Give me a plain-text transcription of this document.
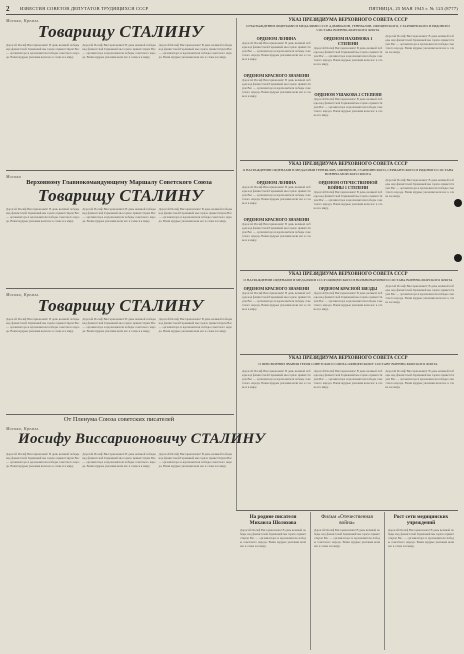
2 ИЗВЕСТИЯ СОВЕТОВ ДЕПУТАТОВ ТРУДЯЩИХСЯ СССР	ПЯТНИЦА, 25 МАЯ 1945 г. № 123 (8777)
Москва, Кремль
Товарищу СТАЛИНУ
Дорогой Иосиф Виссарионович! В день великой победы над фашистской Германией мы горячо приветствуем Вас — организатора и вдохновителя победы советского народа. Ваши мудрые указания вели нас к славе и к миру.
Дорогой Иосиф Виссарионович! В день великой победы над фашистской Германией мы горячо приветствуем Вас — организатора и вдохновителя победы советского народа. Ваши мудрые указания вели нас к славе и к миру.
Дорогой Иосиф Виссарионович! В день великой победы над фашистской Германией мы горячо приветствуем Вас — организатора и вдохновителя победы советского народа. Ваши мудрые указания вели нас к славе и к миру.
Москва
Верховному Главнокомандующему Маршалу Советского Союза
Товарищу СТАЛИНУ
Дорогой Иосиф Виссарионович! В день великой победы над фашистской Германией мы горячо приветствуем Вас — организатора и вдохновителя победы советского народа. Ваши мудрые указания вели нас к славе и к миру.
Дорогой Иосиф Виссарионович! В день великой победы над фашистской Германией мы горячо приветствуем Вас — организатора и вдохновителя победы советского народа. Ваши мудрые указания вели нас к славе и к миру.
Дорогой Иосиф Виссарионович! В день великой победы над фашистской Германией мы горячо приветствуем Вас — организатора и вдохновителя победы советского народа. Ваши мудрые указания вели нас к славе и к миру.
Москва, Кремль
Товарищу СТАЛИНУ
Дорогой Иосиф Виссарионович! В день великой победы над фашистской Германией мы горячо приветствуем Вас — организатора и вдохновителя победы советского народа. Ваши мудрые указания вели нас к славе и к миру.
Дорогой Иосиф Виссарионович! В день великой победы над фашистской Германией мы горячо приветствуем Вас — организатора и вдохновителя победы советского народа. Ваши мудрые указания вели нас к славе и к миру.
Дорогой Иосиф Виссарионович! В день великой победы над фашистской Германией мы горячо приветствуем Вас — организатора и вдохновителя победы советского народа. Ваши мудрые указания вели нас к славе и к миру.
От Пленума Союза советских писателей
Москва, Кремль
Иосифу Виссарионовичу СТАЛИНУ
Дорогой Иосиф Виссарионович! В день великой победы над фашистской Германией мы горячо приветствуем Вас — организатора и вдохновителя победы советского народа. Ваши мудрые указания вели нас к славе и к миру.
Дорогой Иосиф Виссарионович! В день великой победы над фашистской Германией мы горячо приветствуем Вас — организатора и вдохновителя победы советского народа. Ваши мудрые указания вели нас к славе и к миру.
Дорогой Иосиф Виссарионович! В день великой победы над фашистской Германией мы горячо приветствуем Вас — организатора и вдохновителя победы советского народа. Ваши мудрые указания вели нас к славе и к миру.
УКАЗ ПРЕЗИДИУМА ВЕРХОВНОГО СОВЕТА СССР
О НАГРАЖДЕНИИ ОРДЕНАМИ И МЕДАЛЯМИ СССР АДМИРАЛОВ, ГЕНЕРАЛОВ, ОФИЦЕРСКОГО, СТАРШИНСКОГО И РЯДОВОГО СОСТАВА ВОЕННО-МОРСКОГО ФЛОТА
ОРДЕНОМ ЛЕНИНА
Дорогой Иосиф Виссарионович! В день великой победы над фашистской Германией мы горячо приветствуем Вас — организатора и вдохновителя победы советского народа. Ваши мудрые указания вели нас к славе и к миру.
ОРДЕНОМ КРАСНОГО ЗНАМЕНИ
Дорогой Иосиф Виссарионович! В день великой победы над фашистской Германией мы горячо приветствуем Вас — организатора и вдохновителя победы советского народа. Ваши мудрые указания вели нас к славе и к миру.
ОРДЕНОМ НАХИМОВА 1 СТЕПЕНИ
Дорогой Иосиф Виссарионович! В день великой победы над фашистской Германией мы горячо приветствуем Вас — организатора и вдохновителя победы советского народа. Ваши мудрые указания вели нас к славе и к миру.
ОРДЕНОМ УШАКОВА 2 СТЕПЕНИ
Дорогой Иосиф Виссарионович! В день великой победы над фашистской Германией мы горячо приветствуем Вас — организатора и вдохновителя победы советского народа. Ваши мудрые указания вели нас к славе и к миру.
Дорогой Иосиф Виссарионович! В день великой победы над фашистской Германией мы горячо приветствуем Вас — организатора и вдохновителя победы советского народа. Ваши мудрые указания вели нас к славе и к миру.
УКАЗ ПРЕЗИДИУМА ВЕРХОВНОГО СОВЕТА СССР
О НАГРАЖДЕНИИ ОРДЕНАМИ И МЕДАЛЯМИ ГЕНЕРАЛОВ, ОФИЦЕРОВ, СТАРШИНСКОГО, СЕРЖАНТСКОГО И РЯДОВОГО СОСТАВА ВОЕННО-МОРСКОГО ФЛОТА
ОРДЕНОМ ЛЕНИНА
Дорогой Иосиф Виссарионович! В день великой победы над фашистской Германией мы горячо приветствуем Вас — организатора и вдохновителя победы советского народа. Ваши мудрые указания вели нас к славе и к миру.
ОРДЕНОМ КРАСНОГО ЗНАМЕНИ
Дорогой Иосиф Виссарионович! В день великой победы над фашистской Германией мы горячо приветствуем Вас — организатора и вдохновителя победы советского народа. Ваши мудрые указания вели нас к славе и к миру.
ОРДЕНОМ ОТЕЧЕСТВЕННОЙ ВОЙНЫ 1 СТЕПЕНИ
Дорогой Иосиф Виссарионович! В день великой победы над фашистской Германией мы горячо приветствуем Вас — организатора и вдохновителя победы советского народа. Ваши мудрые указания вели нас к славе и к миру.
Дорогой Иосиф Виссарионович! В день великой победы над фашистской Германией мы горячо приветствуем Вас — организатора и вдохновителя победы советского народа. Ваши мудрые указания вели нас к славе и к миру.
УКАЗ ПРЕЗИДИУМА ВЕРХОВНОГО СОВЕТА СССР
О НАГРАЖДЕНИИ ОРДЕНАМИ И МЕДАЛЯМИ СССР ОФИЦЕРСКОГО И ВОЛЬНОНАЕМНОГО СОСТАВА ВОЕННО-МОРСКОГО ФЛОТА
ОРДЕНОМ КРАСНОГО ЗНАМЕНИ
Дорогой Иосиф Виссарионович! В день великой победы над фашистской Германией мы горячо приветствуем Вас — организатора и вдохновителя победы советского народа. Ваши мудрые указания вели нас к славе и к миру.
ОРДЕНОМ КРАСНОЙ ЗВЕЗДЫ
Дорогой Иосиф Виссарионович! В день великой победы над фашистской Германией мы горячо приветствуем Вас — организатора и вдохновителя победы советского народа. Ваши мудрые указания вели нас к славе и к миру.
Дорогой Иосиф Виссарионович! В день великой победы над фашистской Германией мы горячо приветствуем Вас — организатора и вдохновителя победы советского народа. Ваши мудрые указания вели нас к славе и к миру.
УКАЗ ПРЕЗИДИУМА ВЕРХОВНОГО СОВЕТА СССР
О ПРИСВОЕНИИ ЗВАНИЯ ГЕРОЯ СОВЕТСКОГО СОЮЗА ОФИЦЕРСКОМУ СОСТАВУ ВОЕННО-МОРСКОГО ФЛОТА
Дорогой Иосиф Виссарионович! В день великой победы над фашистской Германией мы горячо приветствуем Вас — организатора и вдохновителя победы советского народа. Ваши мудрые указания вели нас к славе и к миру.
Дорогой Иосиф Виссарионович! В день великой победы над фашистской Германией мы горячо приветствуем Вас — организатора и вдохновителя победы советского народа. Ваши мудрые указания вели нас к славе и к миру.
Дорогой Иосиф Виссарионович! В день великой победы над фашистской Германией мы горячо приветствуем Вас — организатора и вдохновителя победы советского народа. Ваши мудрые указания вели нас к славе и к миру.
На родине писателя Михаила Шолохова
Дорогой Иосиф Виссарионович! В день великой победы над фашистской Германией мы горячо приветствуем Вас — организатора и вдохновителя победы советского народа. Ваши мудрые указания вели нас к славе и к миру.
Фильм «Отечественная война»
Дорогой Иосиф Виссарионович! В день великой победы над фашистской Германией мы горячо приветствуем Вас — организатора и вдохновителя победы советского народа. Ваши мудрые указания вели нас к славе и к миру.
Рост сети медицинских учреждений
Дорогой Иосиф Виссарионович! В день великой победы над фашистской Германией мы горячо приветствуем Вас — организатора и вдохновителя победы советского народа. Ваши мудрые указания вели нас к славе и к миру.
